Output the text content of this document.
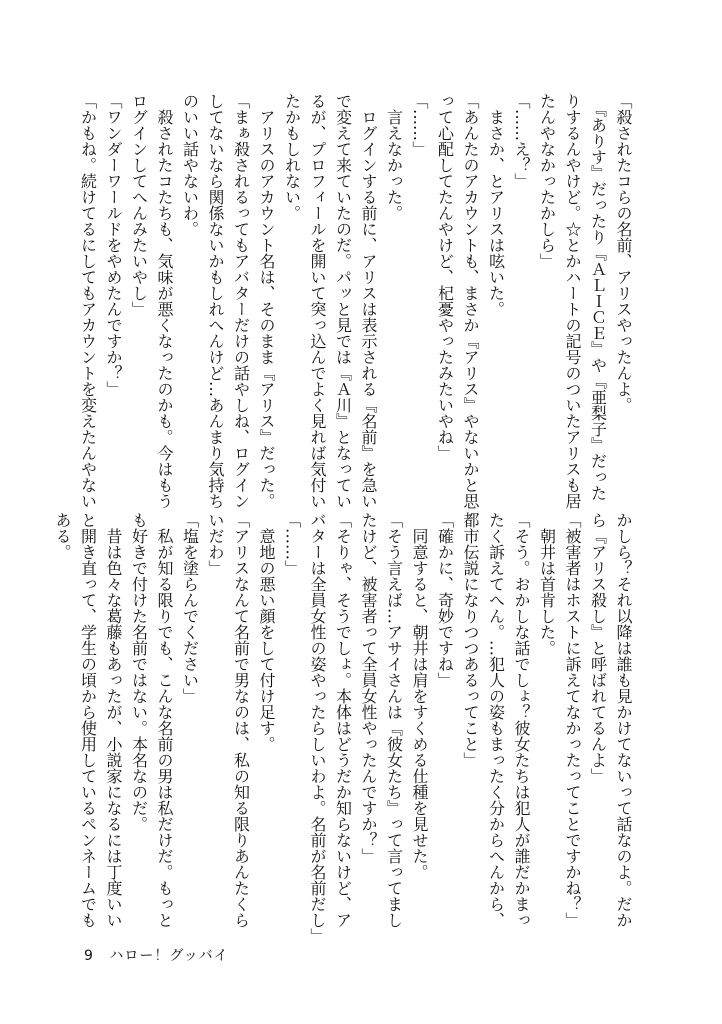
「殺されたコらの名前、アリスやったんよ。
　『ありす』だったり『ＡＬＩＣＥ』や『亜梨子』だった
りするんやけど。☆とかハートの記号のついたアリスも居
たんやなかったかしら」
「……え？」
　まさか、とアリスは呟いた。
「あんたのアカウントも、まさか『アリス』やないかと思
って心配してたんやけど、杞憂やったみたいやね」
「……」
　言えなかった。
　ログインする前に、アリスは表示される『名前』を急い
で変えて来ていたのだ。パッと見では『Ａ川』となってい
るが、プロフィールを開いて突っ込んでよく見れば気付い
たかもしれない。
　アリスのアカウント名は、そのまま『アリス』だった。
「まぁ殺されるってもアバターだけの話やしね、ログイン
してないなら関係ないかもしれへんけど…あんまり気持ち
のいい話やないわ。
　殺されたコたちも、気味が悪くなったのかも。今はもう
ログインしてへんみたいやし」
「ワンダーワールドをやめたんですか？」
「かもね。続けてるにしてもアカウントを変えたんやない
かしら？それ以降は誰も見かけてないって話なのよ。だか
ら『アリス殺し』と呼ばれてるんよ」
「被害者はホストに訴えてなかったってことですかね？」
　朝井は首肯した。
「そう。おかしな話でしょ？彼女たちは犯人が誰だかまっ
たく訴えてへん。…犯人の姿もまったく分からへんから、
都市伝説になりつつあるってこと」
「確かに、奇妙ですね」
　同意すると、朝井は肩をすくめる仕種を見せた。
「そう言えば…アサイさんは『彼女たち』って言ってまし
たけど、被害者って全員女性やったんですか？」
「そりゃ、そうでしょ。本体はどうだか知らないけど、ア
バターは全員女性の姿やったらしいわよ。名前が名前だし」
「……」
　意地の悪い顔をして付け足す。
「アリスなんて名前で男なのは、私の知る限りあんたくら
いだわ」
「塩を塗らんでください」
　私が知る限りでも、こんな名前の男は私だけだ。もっと
も好きで付けた名前ではない。本名なのだ。
　昔は色々な葛藤もあったが、小説家になるには丁度いい
と開き直って、学生の頃から使用しているペンネームでも
ある。
9 ハロー！グッバイ
